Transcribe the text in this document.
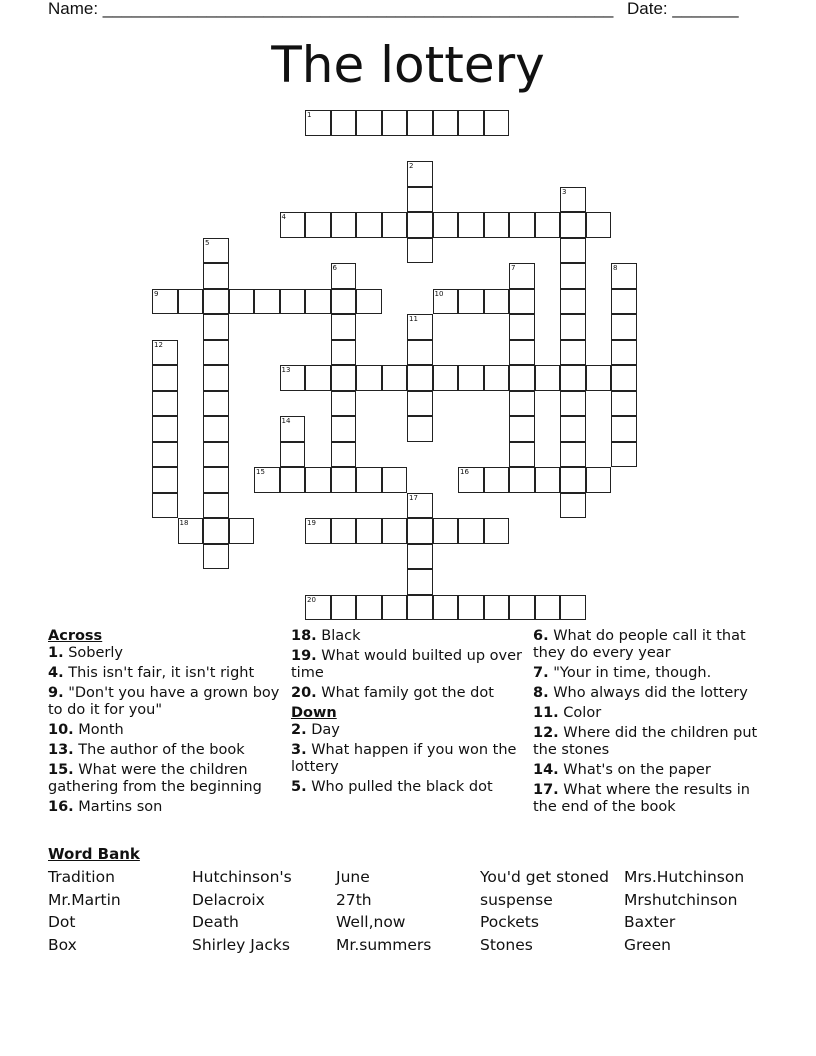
Name: ______________________________________________________ Date: _______
The lottery
1
2
3
4
5
6	7	8
9	10
11
12
13
14
15	16
17
18	19
20
Across
1. Soberly
4. This isn't fair, it isn't right
9. "Don't you have a grown boy to do it for you"
10. Month
13. The author of the book
15. What were the children gathering from the beginning
16. Martins son
18. Black
19. What would builted up over time
20. What family got the dot
Down
2. Day
3. What happen if you won the lottery
5. Who pulled the black dot
6. What do people call it that they do every year
7. "Your in time, though.
8. Who always did the lottery
11. Color
12. Where did the children put the stones
14. What's on the paper
17. What where the results in the end of the book
Word Bank
Tradition
Mr.Martin
Dot
Box
Hutchinson's
Delacroix
Death
Shirley Jacks
June
27th
Well,now
Mr.summers
You'd get stoned
suspense
Pockets
Stones
Mrs.Hutchinson
Mrshutchinson
Baxter
Green
